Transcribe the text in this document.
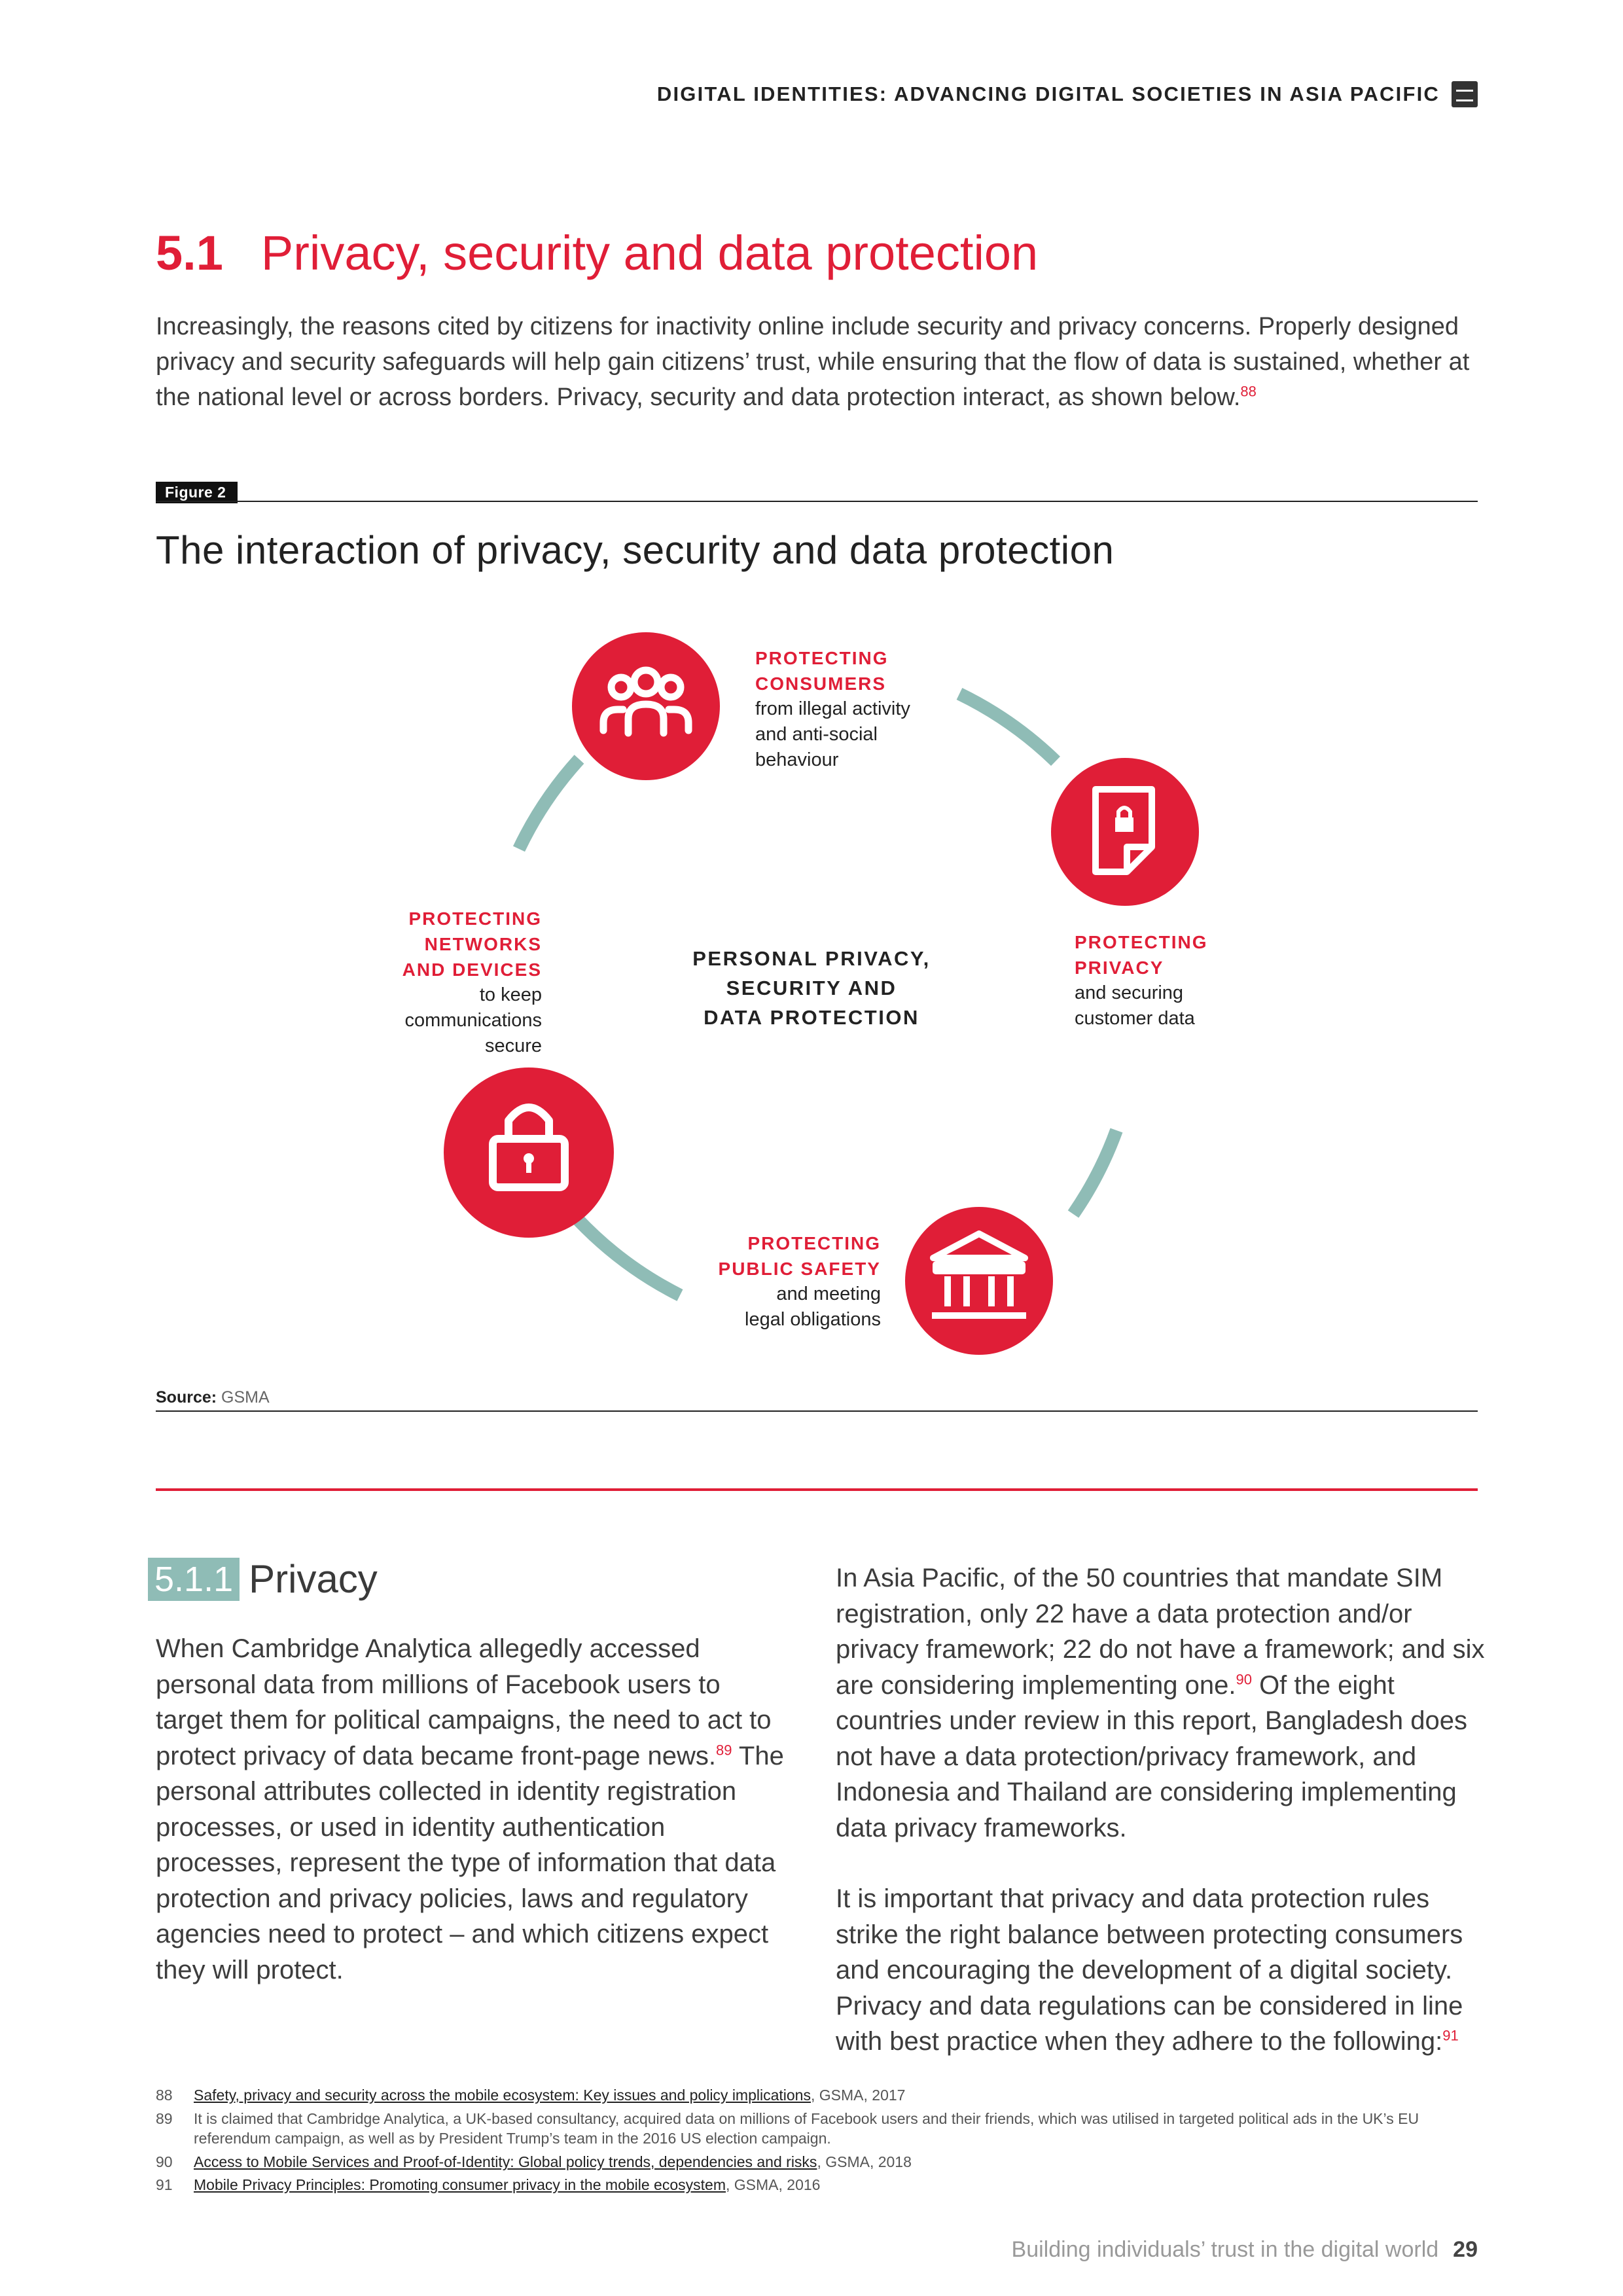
DIGITAL IDENTITIES: ADVANCING DIGITAL SOCIETIES IN ASIA PACIFIC
5.1 Privacy, security and data protection
Increasingly, the reasons cited by citizens for inactivity online include security and privacy concerns. Properly designed privacy and security safeguards will help gain citizens’ trust, while ensuring that the flow of data is sustained, whether at the national level or across borders. Privacy, security and data protection interact, as shown below.$^{88}$
Figure 2
The interaction of privacy, security and data protection
PROTECTING
CONSUMERS
from illegal activity
and anti-social
behaviour
PROTECTING
PRIVACY
and securing
customer data
PROTECTING
PUBLIC SAFETY
and meeting
legal obligations
PROTECTING
NETWORKS
AND DEVICES
to keep
communications
secure
PERSONAL PRIVACY,
SECURITY AND
DATA PROTECTION
Source: GSMA
5.1.1 Privacy
When Cambridge Analytica allegedly accessed personal data from millions of Facebook users to target them for political campaigns, the need to act to protect privacy of data became front-page news.$^{89}$ The personal attributes collected in identity registration processes, or used in identity authentication processes, represent the type of information that data protection and privacy policies, laws and regulatory agencies need to protect – and which citizens expect they will protect.
In Asia Pacific, of the 50 countries that mandate SIM registration, only 22 have a data protection and/or privacy framework; 22 do not have a framework; and six are considering implementing one.$^{90}$ Of the eight countries under review in this report, Bangladesh does not have a data protection/privacy framework, and Indonesia and Thailand are considering implementing data privacy frameworks.
It is important that privacy and data protection rules strike the right balance between protecting consumers and encouraging the development of a digital society. Privacy and data regulations can be considered in line with best practice when they adhere to the following:$^{91}$
88 Safety, privacy and security across the mobile ecosystem: Key issues and policy implications, GSMA, 2017
89 It is claimed that Cambridge Analytica, a UK-based consultancy, acquired data on millions of Facebook users and their friends, which was utilised in targeted political ads in the UK’s EU referendum campaign, as well as by President Trump’s team in the 2016 US election campaign.
90 Access to Mobile Services and Proof-of-Identity: Global policy trends, dependencies and risks, GSMA, 2018
91 Mobile Privacy Principles: Promoting consumer privacy in the mobile ecosystem, GSMA, 2016
Building individuals’ trust in the digital world 29
